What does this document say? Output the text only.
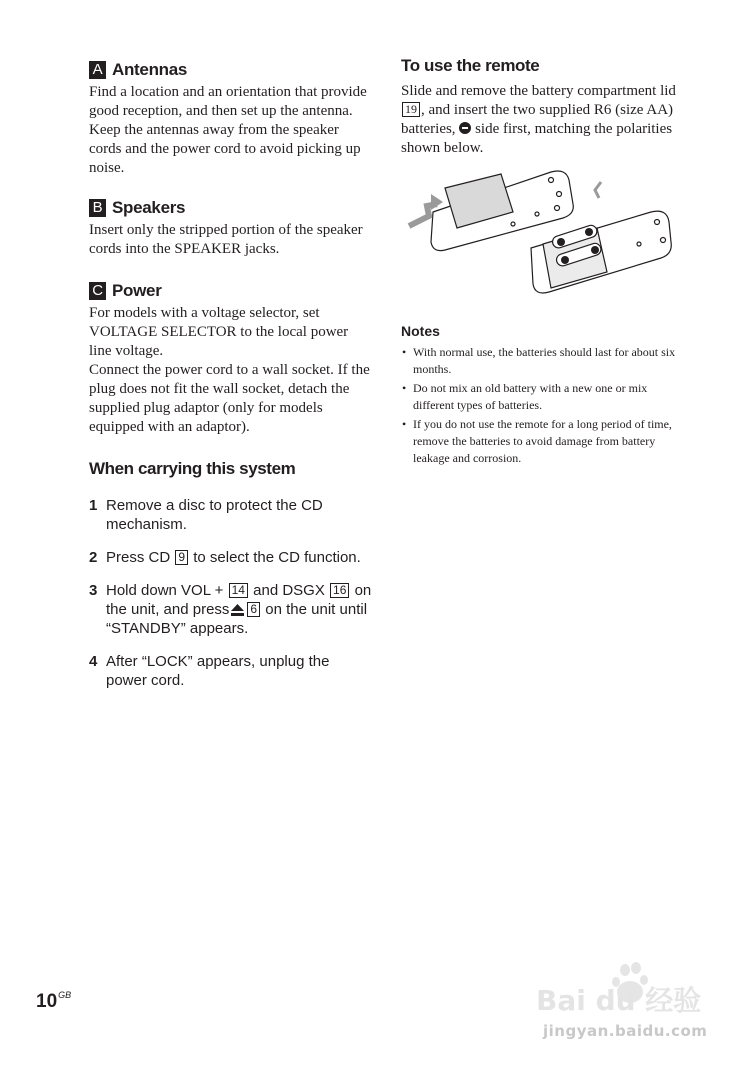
A Antennas

Find a location and an orientation that provide good reception, and then set up the antenna.

Keep the antennas away from the speaker cords and the power cord to avoid picking up noise.

B Speakers

Insert only the stripped portion of the speaker cords into the SPEAKER jacks.

C Power

For models with a voltage selector, set VOLTAGE SELECTOR to the local power line voltage.

Connect the power cord to a wall socket. If the plug does not fit the wall socket, detach the supplied plug adaptor (only for models equipped with an adaptor).

When carrying this system
1 Remove a disc to protect the CD mechanism.
2 Press CD 9 to select the CD function.
3 Hold down VOL + 14 and DSGX 16 on the unit, and press 6 on the unit until “STANDBY” appears.
4 After “LOCK” appears, unplug the power cord.
To use the remote

Slide and remove the battery compartment lid 19 , and insert the two supplied R6 (size AA) batteries, side first, matching the polarities shown below.

Notes
• With normal use, the batteries should last for about six months.
• Do not mix an old battery with a new one or mix different types of batteries.
• If you do not use the remote for a long period of time, remove the batteries to avoid damage from battery leakage and corrosion.
$10^{GB}$	Bai du 经验
jingyan.baidu.com
